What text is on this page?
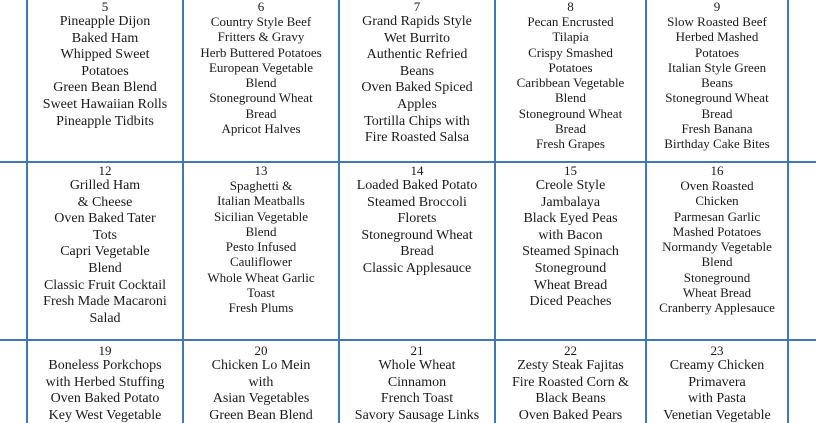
5
Pineapple Dijon
Baked Ham
Whipped Sweet
Potatoes
Green Bean Blend
Sweet Hawaiian Rolls
Pineapple Tidbits
6
Country Style Beef
Fritters & Gravy
Herb Buttered Potatoes
European Vegetable
Blend
Stoneground Wheat
Bread
Apricot Halves
7
Grand Rapids Style
Wet Burrito
Authentic Refried
Beans
Oven Baked Spiced
Apples
Tortilla Chips with
Fire Roasted Salsa
8
Pecan Encrusted
Tilapia
Crispy Smashed
Potatoes
Caribbean Vegetable
Blend
Stoneground Wheat
Bread
Fresh Grapes
9
Slow Roasted Beef
Herbed Mashed
Potatoes
Italian Style Green
Beans
Stoneground Wheat
Bread
Fresh Banana
Birthday Cake Bites
12
Grilled Ham
& Cheese
Oven Baked Tater
Tots
Capri Vegetable
Blend
Classic Fruit Cocktail
Fresh Made Macaroni
Salad
13
Spaghetti &
Italian Meatballs
Sicilian Vegetable
Blend
Pesto Infused
Cauliflower
Whole Wheat Garlic
Toast
Fresh Plums
14
Loaded Baked Potato
Steamed Broccoli
Florets
Stoneground Wheat
Bread
Classic Applesauce
15
Creole Style
Jambalaya
Black Eyed Peas
with Bacon
Steamed Spinach
Stoneground
Wheat Bread
Diced Peaches
16
Oven Roasted
Chicken
Parmesan Garlic
Mashed Potatoes
Normandy Vegetable
Blend
Stoneground
Wheat Bread
Cranberry Applesauce
19
Boneless Porkchops
with Herbed Stuffing
Oven Baked Potato
Key West Vegetable
20
Chicken Lo Mein
with
Asian Vegetables
Green Bean Blend
21
Whole Wheat
Cinnamon
French Toast
Savory Sausage Links
22
Zesty Steak Fajitas
Fire Roasted Corn &
Black Beans
Oven Baked Pears
23
Creamy Chicken
Primavera
with Pasta
Venetian Vegetable
